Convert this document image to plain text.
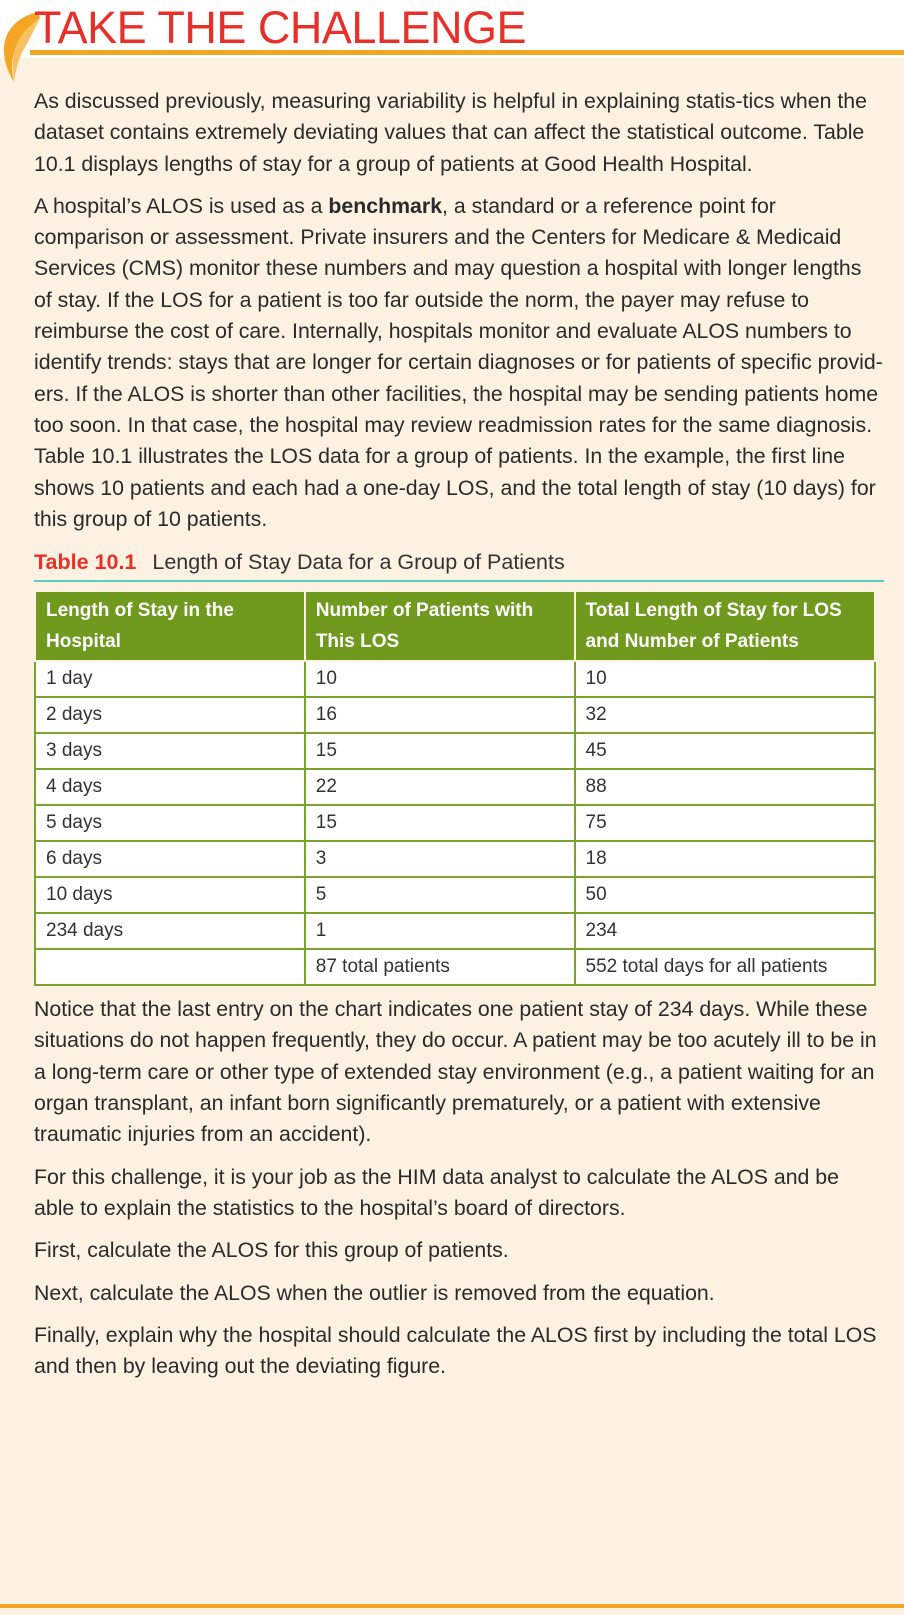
TAKE THE CHALLENGE

As discussed previously, measuring variability is helpful in explaining statis-tics when the dataset contains extremely deviating values that can affect the statistical outcome. Table 10.1 displays lengths of stay for a group of patients at Good Health Hospital.

A hospital’s ALOS is used as a benchmark, a standard or a reference point for comparison or assessment. Private insurers and the Centers for Medicare & Medicaid Services (CMS) monitor these numbers and may question a hospital with longer lengths of stay. If the LOS for a patient is too far outside the norm, the payer may refuse to reimburse the cost of care. Internally, hospitals monitor and evaluate ALOS numbers to identify trends: stays that are longer for certain diagnoses or for patients of specific provid-ers. If the ALOS is shorter than other facilities, the hospital may be sending patients home too soon. In that case, the hospital may review readmission rates for the same diagnosis. Table 10.1 illustrates the LOS data for a group of patients. In the example, the first line shows 10 patients and each had a one-day LOS, and the total length of stay (10 days) for this group of 10 patients.

Table 10.1 Length of Stay Data for a Group of Patients
Length of Stay in the Hospital	Number of Patients with This LOS	Total Length of Stay for LOS and Number of Patients
1 day	10	10
2 days	16	32
3 days	15	45
4 days	22	88
5 days	15	75
6 days	3	18
10 days	5	50
234 days	1	234
	87 total patients	552 total days for all patients

Notice that the last entry on the chart indicates one patient stay of 234 days. While these situations do not happen frequently, they do occur. A patient may be too acutely ill to be in a long-term care or other type of extended stay environment (e.g., a patient waiting for an organ transplant, an infant born significantly prematurely, or a patient with extensive traumatic injuries from an accident).

For this challenge, it is your job as the HIM data analyst to calculate the ALOS and be able to explain the statistics to the hospital’s board of directors.

First, calculate the ALOS for this group of patients.

Next, calculate the ALOS when the outlier is removed from the equation.

Finally, explain why the hospital should calculate the ALOS first by including the total LOS and then by leaving out the deviating figure.
